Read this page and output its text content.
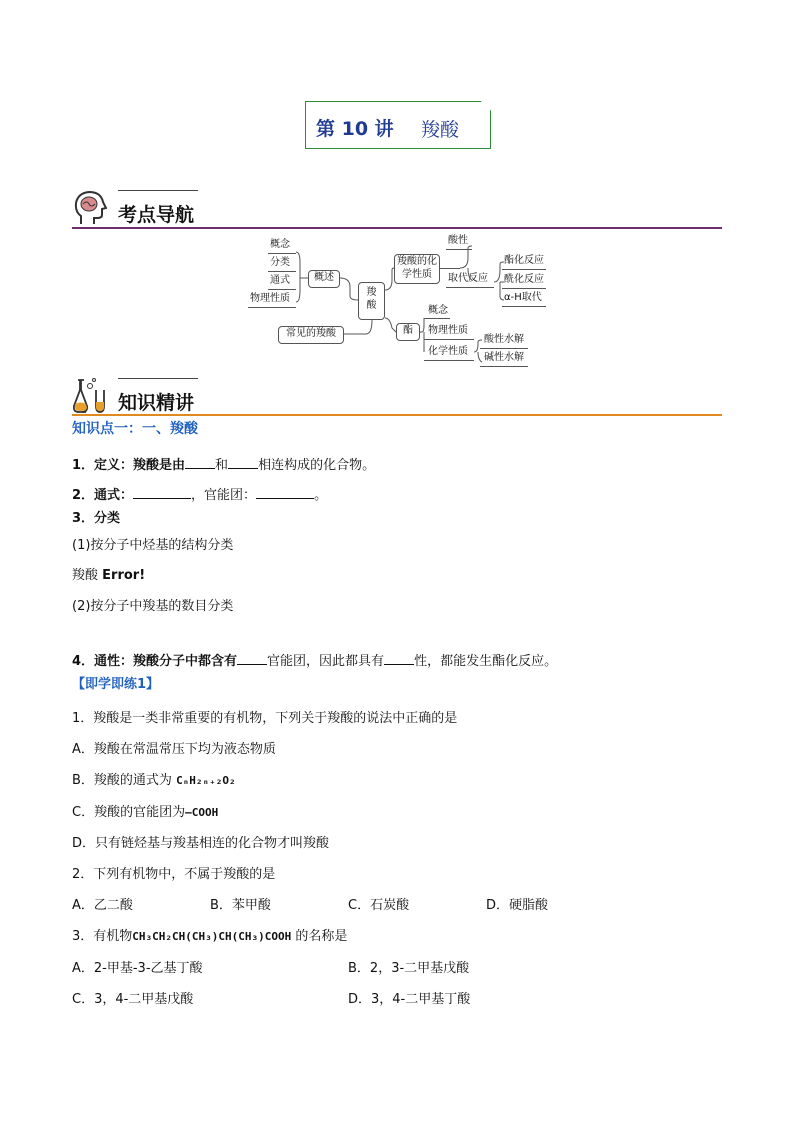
第 10 讲 羧酸
考点导航
概念
分类
通式
物理性质
概述
羧
酸
常见的羧酸
羧酸的化
学性质
酸性
取代反应
酯化反应
酰化反应
α-H取代
酯
概念
物理性质
化学性质
酸性水解
碱性水解
知识精讲
知识点一：一、羧酸
1．定义：羧酸是由 和 相连构成的化合物。
2．通式：	，官能团：	。
3．分类
(1)按分子中烃基的结构分类
羧酸 Error!
(2)按分子中羧基的数目分类
4．通性：羧酸分子中都含有 官能团，因此都具有 性，都能发生酯化反应。
【即学即练1】
1．羧酸是一类非常重要的有机物，下列关于羧酸的说法中正确的是
A．羧酸在常温常压下均为液态物质
B．羧酸的通式为 CₙH₂ₙ₊₂O₂
C．羧酸的官能团为—COOH
D．只有链烃基与羧基相连的化合物才叫羧酸
2．下列有机物中，不属于羧酸的是
A．乙二酸	B．苯甲酸	C．石炭酸	D．硬脂酸
3．有机物CH₃CH₂CH(CH₃)CH(CH₃)COOH 的名称是
A．2-甲基-3-乙基丁酸	B．2，3-二甲基戊酸
C．3，4-二甲基戊酸	D．3，4-二甲基丁酸
